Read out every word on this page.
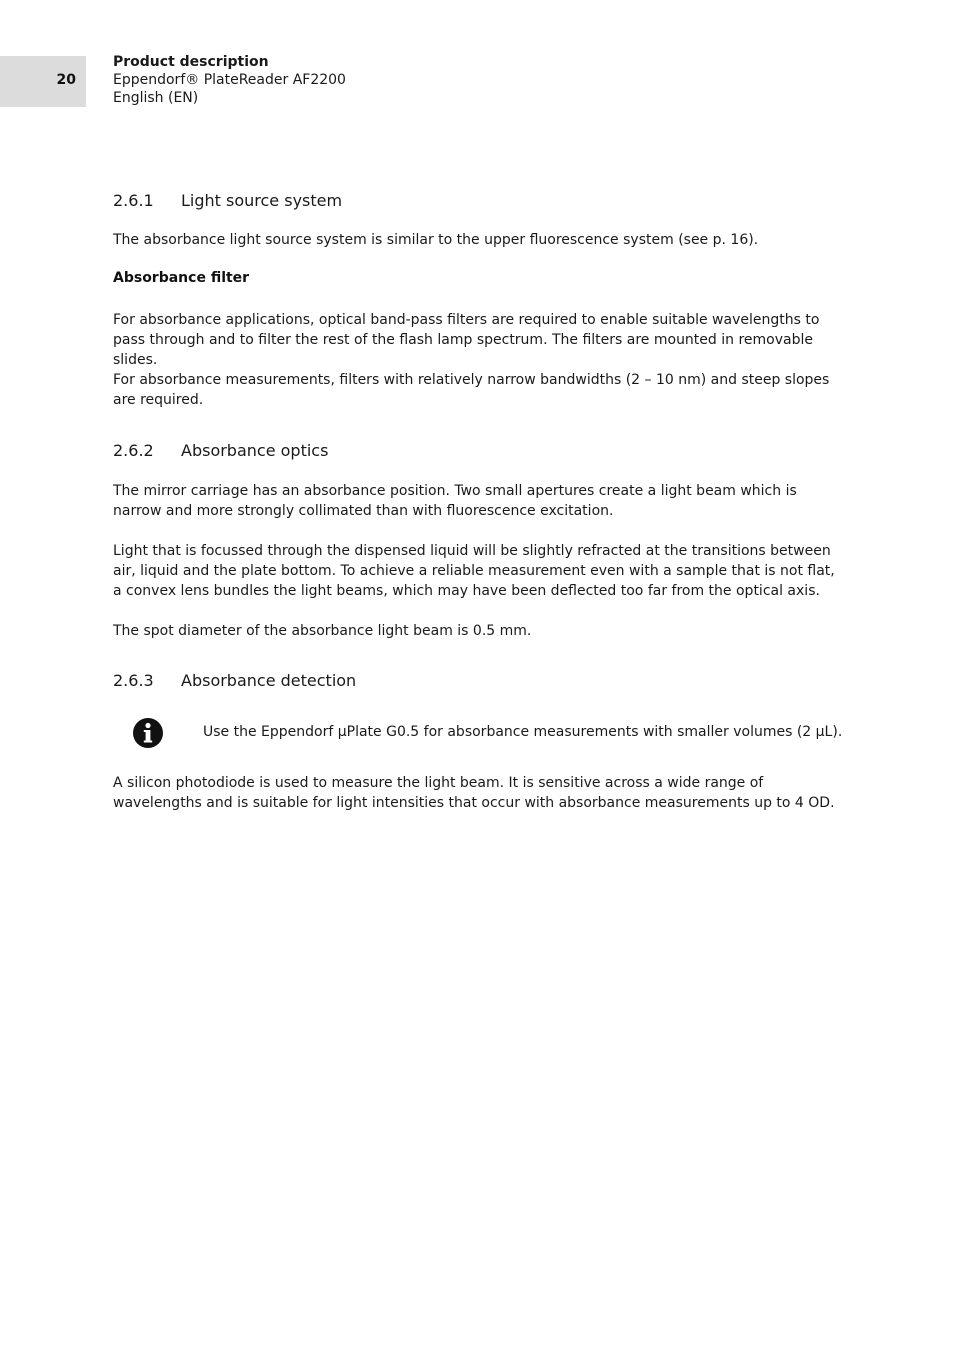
20
Product description
Eppendorf® PlateReader AF2200
English (EN)
2.6.1 Light source system
The absorbance light source system is similar to the upper fluorescence system (see p. 16).
Absorbance filter
For absorbance applications, optical band-pass filters are required to enable suitable wavelengths to pass through and to filter the rest of the flash lamp spectrum. The filters are mounted in removable slides.
For absorbance measurements, filters with relatively narrow bandwidths (2 – 10 nm) and steep slopes are required.
2.6.2 Absorbance optics
The mirror carriage has an absorbance position. Two small apertures create a light beam which is narrow and more strongly collimated than with fluorescence excitation.
Light that is focussed through the dispensed liquid will be slightly refracted at the transitions between air, liquid and the plate bottom. To achieve a reliable measurement even with a sample that is not flat, a convex lens bundles the light beams, which may have been deflected too far from the optical axis.
The spot diameter of the absorbance light beam is 0.5 mm.
2.6.3 Absorbance detection
Use the Eppendorf µPlate G0.5 for absorbance measurements with smaller volumes (2 µL).
A silicon photodiode is used to measure the light beam. It is sensitive across a wide range of wavelengths and is suitable for light intensities that occur with absorbance measurements up to 4 OD.
